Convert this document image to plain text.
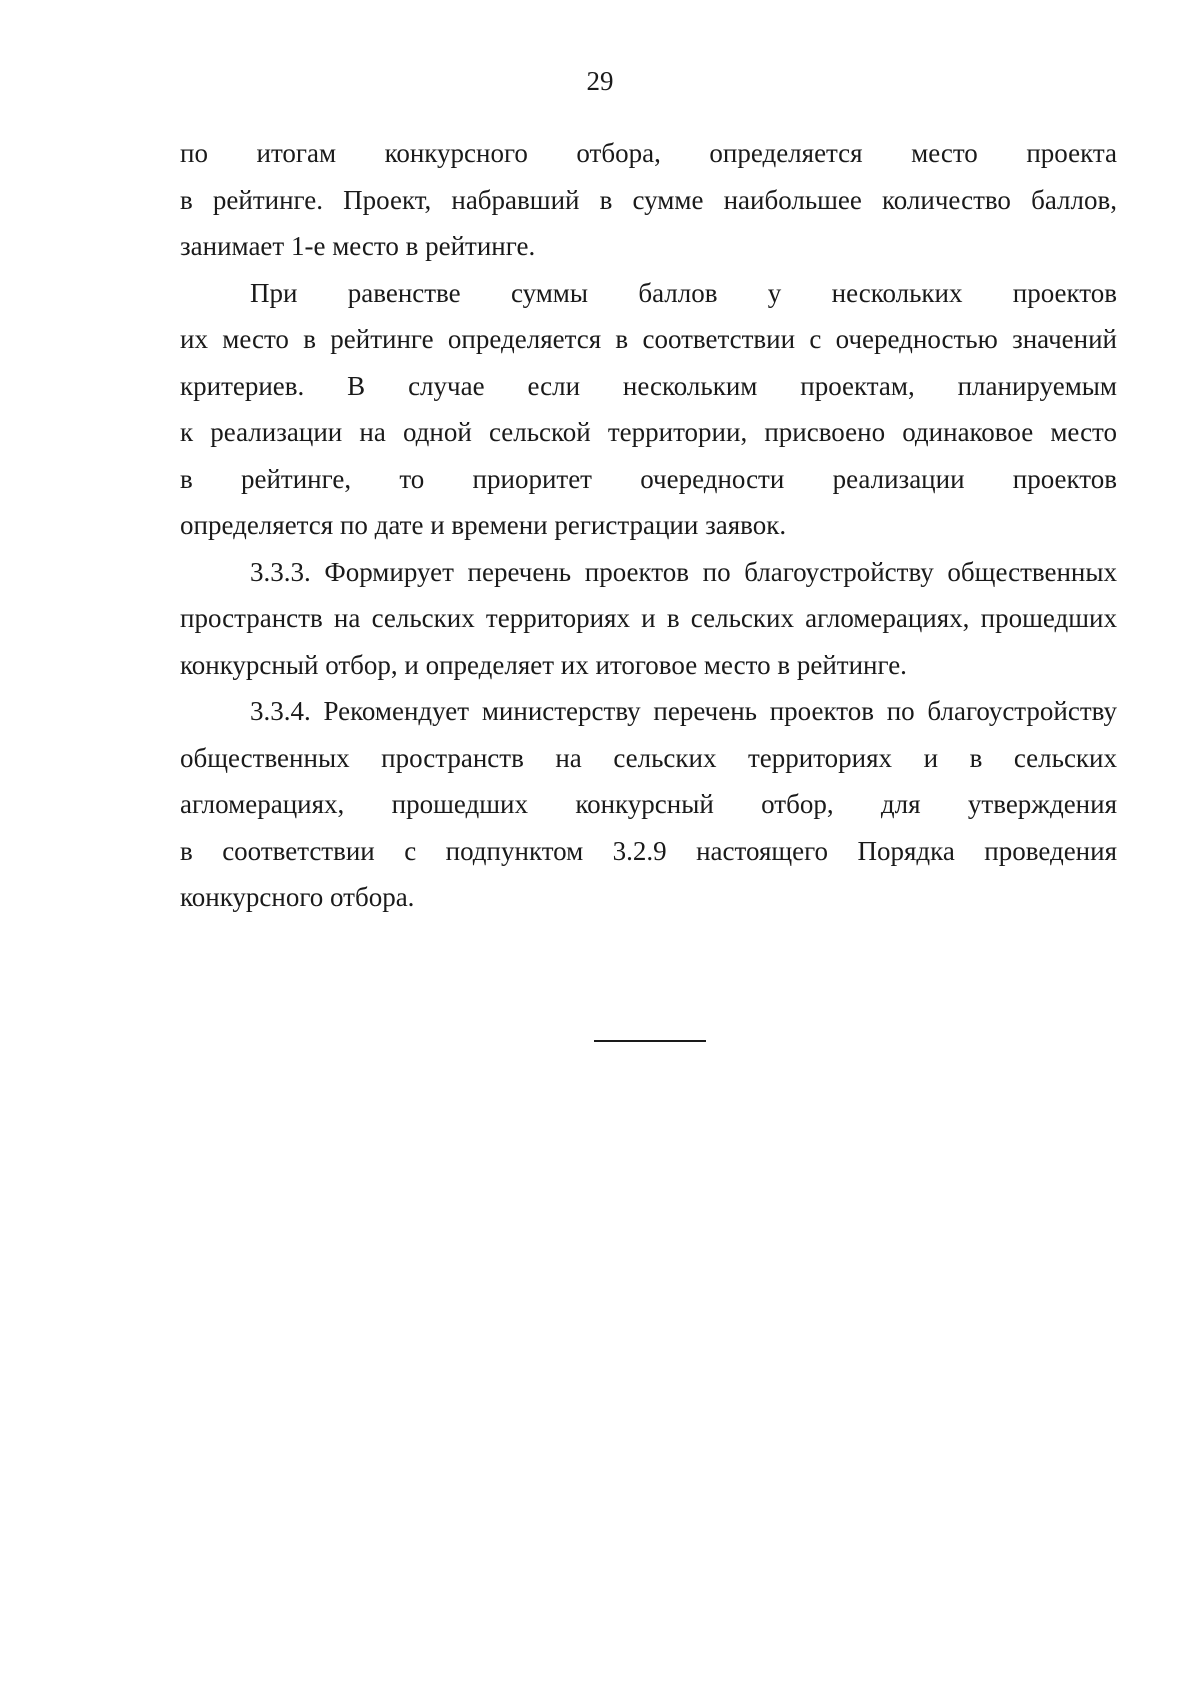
29

по итогам конкурсного отбора, определяется место проекта
в рейтинге. Проект, набравший в сумме наибольшее количество баллов,
занимает 1-е место в рейтинге.

При равенстве суммы баллов у нескольких проектов
их место в рейтинге определяется в соответствии с очередностью значений
критериев. В случае если нескольким проектам, планируемым
к реализации на одной сельской территории, присвоено одинаковое место
в рейтинге, то приоритет очередности реализации проектов
определяется по дате и времени регистрации заявок.

3.3.3. Формирует перечень проектов по благоустройству общественных
пространств на сельских территориях и в сельских агломерациях, прошедших
конкурсный отбор, и определяет их итоговое место в рейтинге.

3.3.4. Рекомендует министерству перечень проектов по благоустройству
общественных пространств на сельских территориях и в сельских
агломерациях, прошедших конкурсный отбор, для утверждения
в соответствии с подпунктом 3.2.9 настоящего Порядка проведения
конкурсного отбора.
